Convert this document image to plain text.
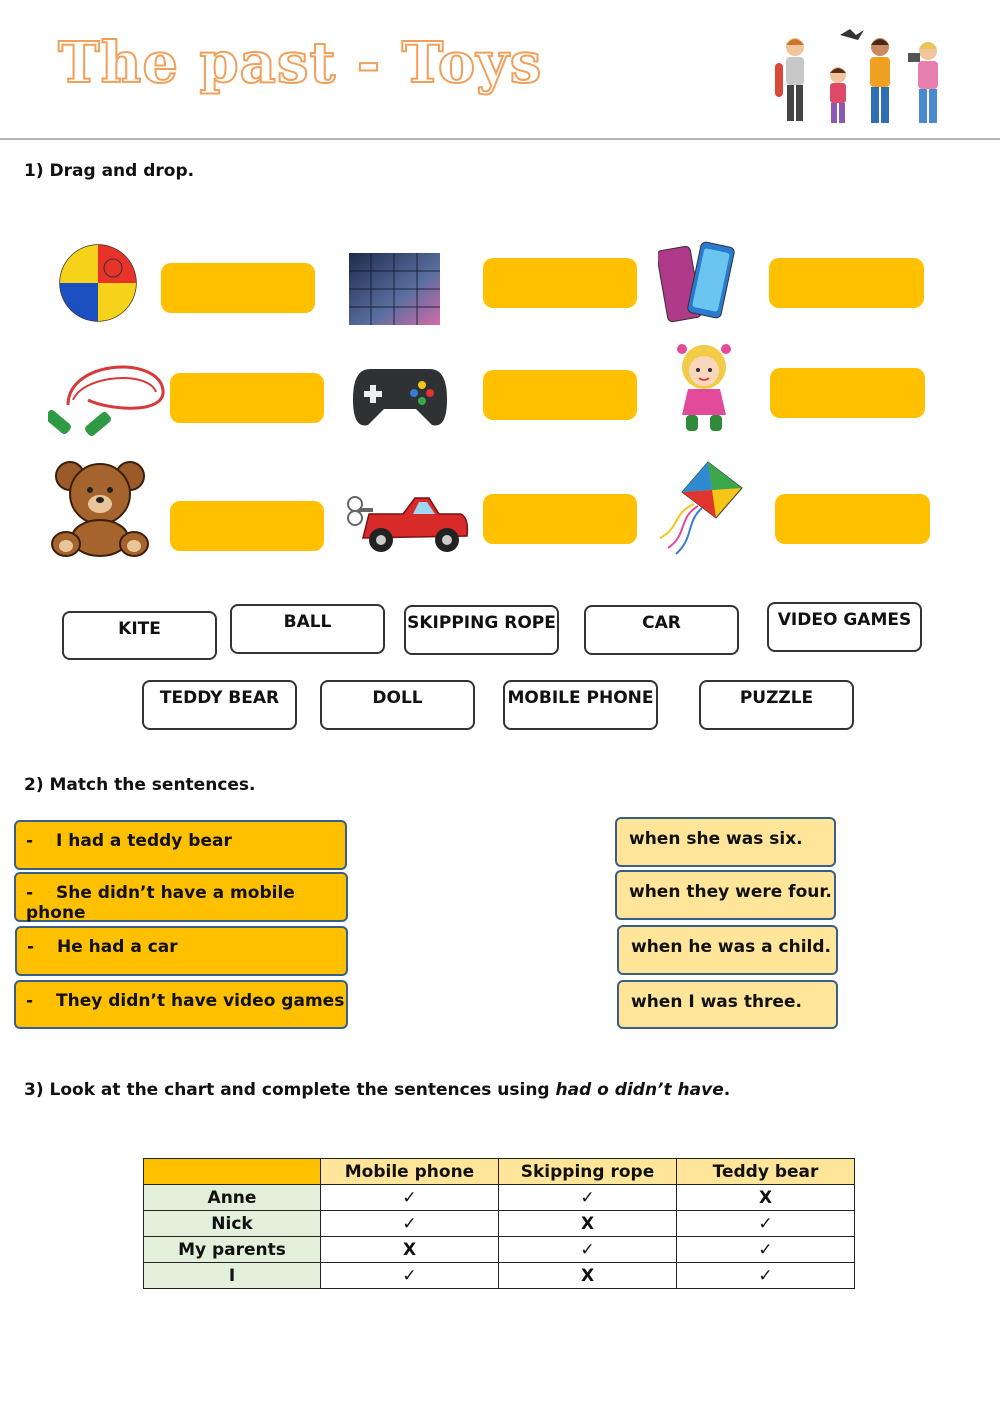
The past - Toys
1) Drag and drop.
KITE	BALL	SKIPPING ROPE	CAR	VIDEO GAMES
TEDDY BEAR	DOLL	MOBILE PHONE	PUZZLE
2) Match the sentences.
- I had a teddy bear
- She didn’t have a mobile phone
- He had a car
- They didn’t have video games
when she was six.
when they were four.
when he was a child.
when I was three.
3) Look at the chart and complete the sentences using had o didn’t have.
	Mobile phone	Skipping rope	Teddy bear
Anne	✓	✓	X
Nick	✓	X	✓
My parents	X	✓	✓
I	✓	X	✓
